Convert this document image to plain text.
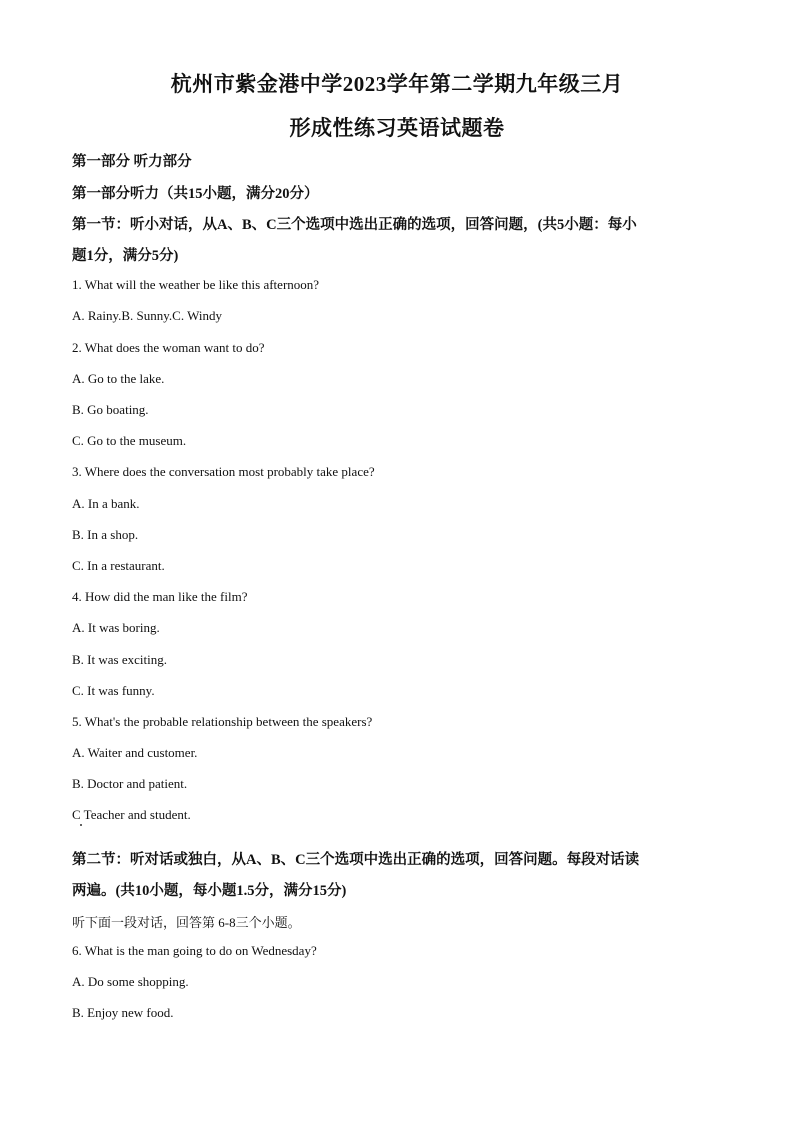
杭州市紫金港中学2023学年第二学期九年级三月
形成性练习英语试题卷
第一部分 听力部分
第一部分听力（共15小题，满分20分）
第一节：听小对话，从A、B、C三个选项中选出正确的选项，回答问题，(共5小题：每小
题1分，满分5分)
1. What will the weather be like this afternoon?
A. Rainy.B. Sunny.C. Windy
2. What does the woman want to do?
A. Go to the lake.
B. Go boating.
C. Go to the museum.
3. Where does the conversation most probably take place?
A. In a bank.
B. In a shop.
C. In a restaurant.
4. How did the man like the film?
A. It was boring.
B. It was exciting.
C. It was funny.
5. What's the probable relationship between the speakers?
A. Waiter and customer.
B. Doctor and patient.
C Teacher and student.
第二节：听对话或独白，从A、B、C三个选项中选出正确的选项，回答问题。每段对话读
两遍。(共10小题，每小题1.5分，满分15分)
听下面一段对话，回答第 6-8三个小题。
6. What is the man going to do on Wednesday?
A. Do some shopping.
B. Enjoy new food.
